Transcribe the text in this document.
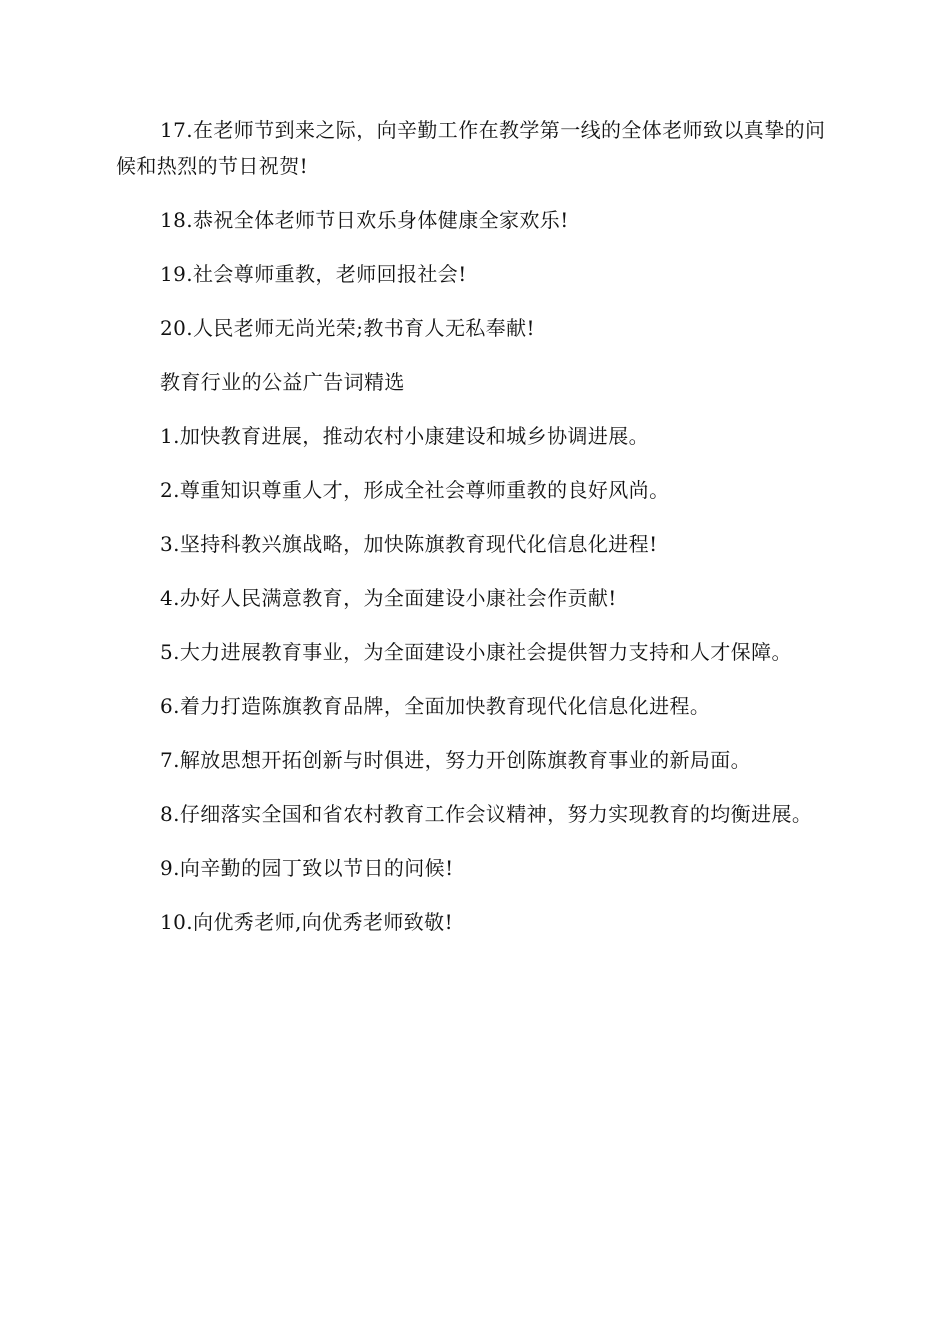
17.在老师节到来之际，向辛勤工作在教学第一线的全体老师致以真挚的问候和热烈的节日祝贺!

18.恭祝全体老师节日欢乐身体健康全家欢乐!

19.社会尊师重教，老师回报社会!

20.人民老师无尚光荣;教书育人无私奉献!

教育行业的公益广告词精选

1.加快教育进展，推动农村小康建设和城乡协调进展。

2.尊重知识尊重人才，形成全社会尊师重教的良好风尚。

3.坚持科教兴旗战略，加快陈旗教育现代化信息化进程!

4.办好人民满意教育，为全面建设小康社会作贡献!

5.大力进展教育事业，为全面建设小康社会提供智力支持和人才保障。

6.着力打造陈旗教育品牌，全面加快教育现代化信息化进程。

7.解放思想开拓创新与时俱进，努力开创陈旗教育事业的新局面。

8.仔细落实全国和省农村教育工作会议精神，努力实现教育的均衡进展。

9.向辛勤的园丁致以节日的问候!

10.向优秀老师,向优秀老师致敬!
